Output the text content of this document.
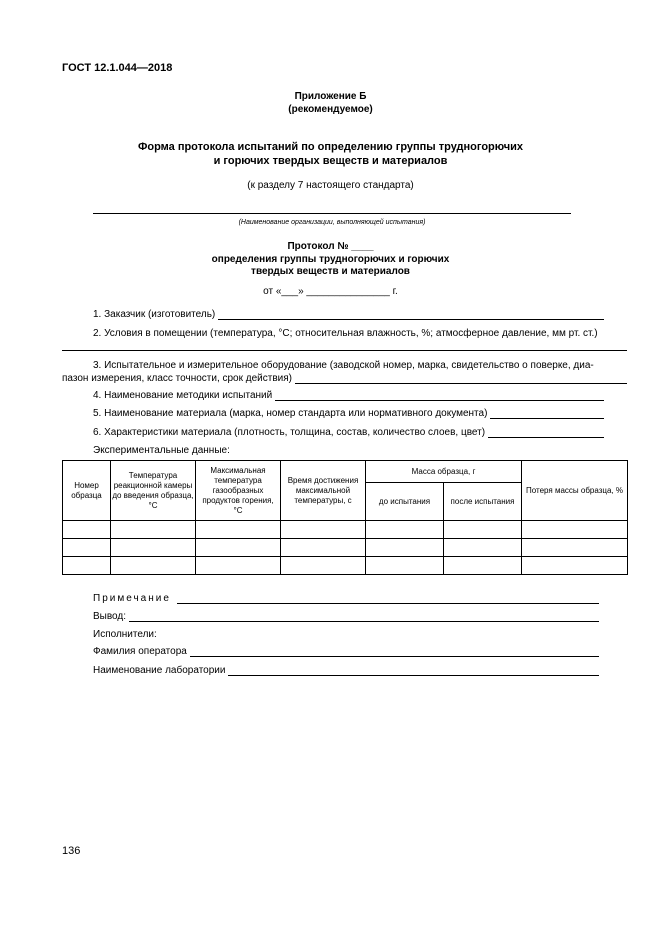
ГОСТ 12.1.044—2018
Приложение Б
(рекомендуемое)
Форма протокола испытаний по определению группы трудногорючих
и горючих твердых веществ и материалов
(к разделу 7 настоящего стандарта)
(Наименование организации, выполняющей испытания)
Протокол № ____
определения группы трудногорючих и горючих
твердых веществ и материалов
от «___» _______________ г.
1. Заказчик (изготовитель)
2. Условия в помещении (температура, °С; относительная влажность, %; атмосферное давление, мм рт. ст.)
3. Испытательное и измерительное оборудование (заводской номер, марка, свидетельство о поверке, диа-
пазон измерения, класс точности, срок действия)
4. Наименование методики испытаний
5. Наименование материала (марка, номер стандарта или нормативного документа)
6. Характеристики материала (плотность, толщина, состав, количество слоев, цвет)
Экспериментальные данные:
Номер образца	Температура реакционной камеры до введения образца, °С	Максимальная температура газообразных продуктов горения, °С	Время достижения максимальной температуры, с	Масса образца, г		Потеря массы образца, %
				до испытания	после испытания	

Примечание
Вывод:
Исполнители:
Фамилия оператора
Наименование лаборатории
136
